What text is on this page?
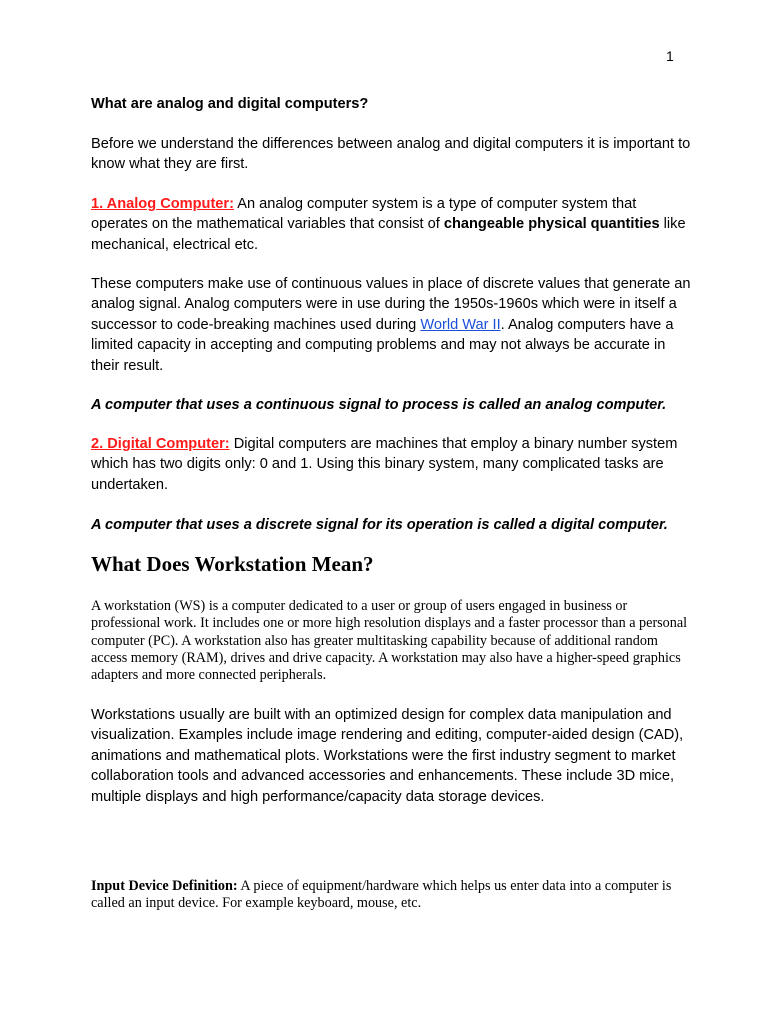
1

What are analog and digital computers?

Before we understand the differences between analog and digital computers it is important to know what they are first.

1. Analog Computer: An analog computer system is a type of computer system that operates on the mathematical variables that consist of changeable physical quantities like mechanical, electrical etc.

These computers make use of continuous values in place of discrete values that generate an analog signal. Analog computers were in use during the 1950s-1960s which were in itself a successor to code-breaking machines used during World War II. Analog computers have a limited capacity in accepting and computing problems and may not always be accurate in their result.

A computer that uses a continuous signal to process is called an analog computer.

2. Digital Computer: Digital computers are machines that employ a binary number system which has two digits only: 0 and 1. Using this binary system, many complicated tasks are undertaken.

A computer that uses a discrete signal for its operation is called a digital computer.

What Does Workstation Mean?

A workstation (WS) is a computer dedicated to a user or group of users engaged in business or professional work. It includes one or more high resolution displays and a faster processor than a personal computer (PC). A workstation also has greater multitasking capability because of additional random access memory (RAM), drives and drive capacity. A workstation may also have a higher-speed graphics adapters and more connected peripherals.

Workstations usually are built with an optimized design for complex data manipulation and visualization. Examples include image rendering and editing, computer-aided design (CAD), animations and mathematical plots. Workstations were the first industry segment to market collaboration tools and advanced accessories and enhancements. These include 3D mice, multiple displays and high performance/capacity data storage devices.

Input Device Definition: A piece of equipment/hardware which helps us enter data into a computer is called an input device. For example keyboard, mouse, etc.
